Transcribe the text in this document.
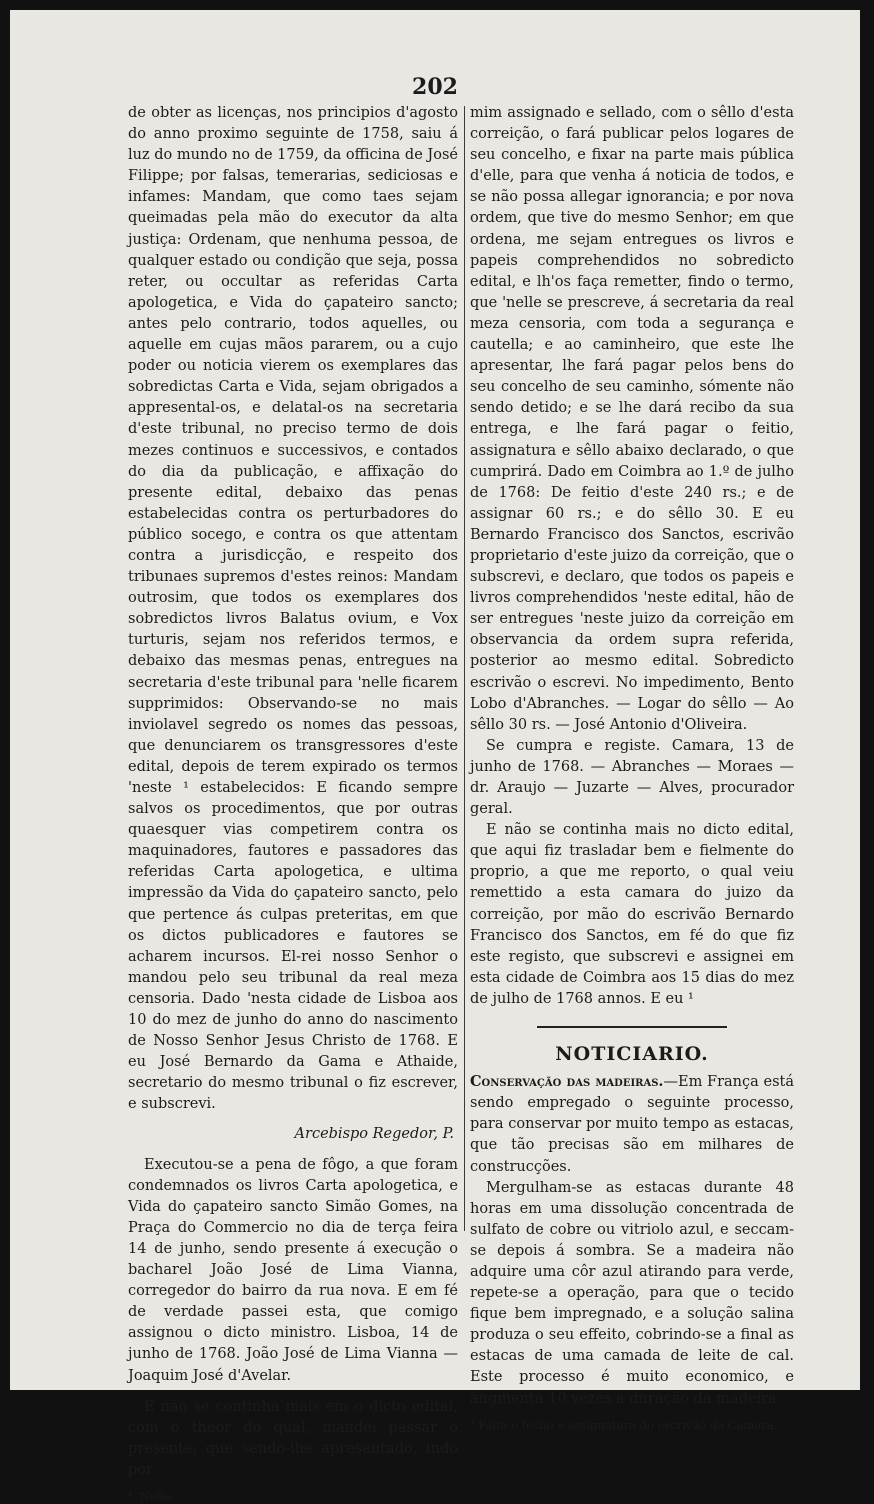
202

de obter as licenças, nos principios d'agosto do anno proximo seguinte de 1758, saiu á luz do mundo no de 1759, da officina de José Filippe; por falsas, temerarias, sediciosas e infames: Mandam, que como taes sejam queimadas pela mão do executor da alta justiça: Ordenam, que nenhuma pessoa, de qualquer estado ou condição que seja, possa reter, ou occultar as referidas Carta apologetica, e Vida do çapateiro sancto; antes pelo contrario, todos aquelles, ou aquelle em cujas mãos pararem, ou a cujo poder ou noticia vierem os exemplares das sobredictas Carta e Vida, sejam obrigados a appresental-os, e delatal-os na secretaria d'este tribunal, no preciso termo de dois mezes continuos e successivos, e contados do dia da publicação, e affixação do presente edital, debaixo das penas estabelecidas contra os perturbadores do público socego, e contra os que attentam contra a jurisdicção, e respeito dos tribunaes supremos d'estes reinos: Mandam outrosim, que todos os exemplares dos sobredictos livros Balatus ovium, e Vox turturis, sejam nos referidos termos, e debaixo das mesmas penas, entregues na secretaria d'este tribunal para 'nelle ficarem supprimidos: Observando-se no mais inviolavel segredo os nomes das pessoas, que denunciarem os transgressores d'este edital, depois de terem expirado os termos 'neste ¹ estabelecidos: E ficando sempre salvos os procedimentos, que por outras quaesquer vias competirem contra os maquinadores, fautores e passadores das referidas Carta apologetica, e ultima impressão da Vida do çapateiro sancto, pelo que pertence ás culpas preteritas, em que os dictos publicadores e fautores se acharem incursos. El-rei nosso Senhor o mandou pelo seu tribunal da real meza censoria. Dado 'nesta cidade de Lisboa aos 10 do mez de junho do anno do nascimento de Nosso Senhor Jesus Christo de 1768. E eu José Bernardo da Gama e Athaide, secretario do mesmo tribunal o fiz escrever, e subscrevi.

Arcebispo Regedor, P.

Executou-se a pena de fôgo, a que foram condemnados os livros Carta apologetica, e Vida do çapateiro sancto Simão Gomes, na Praça do Commercio no dia de terça feira 14 de junho, sendo presente á execução o bacharel João José de Lima Vianna, corregedor do bairro da rua nova. E em fé de verdade passei esta, que comigo assignou o dicto ministro. Lisboa, 14 de junho de 1768. João José de Lima Vianna — Joaquim José d'Avelar.

E não se continha mais em o dicto edital, com o theor do qual, mandei passar o presente, que sendo-lhe apresentado, indo por

¹ 'Nelle.

mim assignado e sellado, com o sêllo d'esta correição, o fará publicar pelos logares de seu concelho, e fixar na parte mais pública d'elle, para que venha á noticia de todos, e se não possa allegar ignorancia; e por nova ordem, que tive do mesmo Senhor; em que ordena, me sejam entregues os livros e papeis comprehendidos no sobredicto edital, e lh'os faça remetter, findo o termo, que 'nelle se prescreve, á secretaria da real meza censoria, com toda a segurança e cautella; e ao caminheiro, que este lhe apresentar, lhe fará pagar pelos bens do seu concelho de seu caminho, sómente não sendo detido; e se lhe dará recibo da sua entrega, e lhe fará pagar o feitio, assignatura e sêllo abaixo declarado, o que cumprirá. Dado em Coimbra ao 1.º de julho de 1768: De feitio d'este 240 rs.; e de assignar 60 rs.; e do sêllo 30. E eu Bernardo Francisco dos Sanctos, escrivão proprietario d'este juizo da correição, que o subscrevi, e declaro, que todos os papeis e livros comprehendidos 'neste edital, hão de ser entregues 'neste juizo da correição em observancia da ordem supra referida, posterior ao mesmo edital. Sobredicto escrivão o escrevi. No impedimento, Bento Lobo d'Abranches. — Logar do sêllo — Ao sêllo 30 rs. — José Antonio d'Oliveira.

Se cumpra e registe. Camara, 13 de junho de 1768. — Abranches — Moraes — dr. Araujo — Juzarte — Alves, procurador geral.

E não se continha mais no dicto edital, que aqui fiz trasladar bem e fielmente do proprio, a que me reporto, o qual veiu remettido a esta camara do juizo da correição, por mão do escrivão Bernardo Francisco dos Sanctos, em fé do que fiz este registo, que subscrevi e assignei em esta cidade de Coimbra aos 15 dias do mez de julho de 1768 annos. E eu ¹

NOTICIARIO.

Conservação das madeiras.—Em França está sendo empregado o seguinte processo, para conservar por muito tempo as estacas, que tão precisas são em milhares de construcções.

Mergulham-se as estacas durante 48 horas em uma dissolução concentrada de sulfato de cobre ou vitriolo azul, e seccam-se depois á sombra. Se a madeira não adquire uma côr azul atirando para verde, repete-se a operação, para que o tecido fique bem impregnado, e a solução salina produza o seu effeito, cobrindo-se a final as estacas de uma camada de leite de cal. Este processo é muito economico, e augmenta 10 vezes a duração da madeira.

¹ Falta o fecho e assignatura do escrivão da Camara.
